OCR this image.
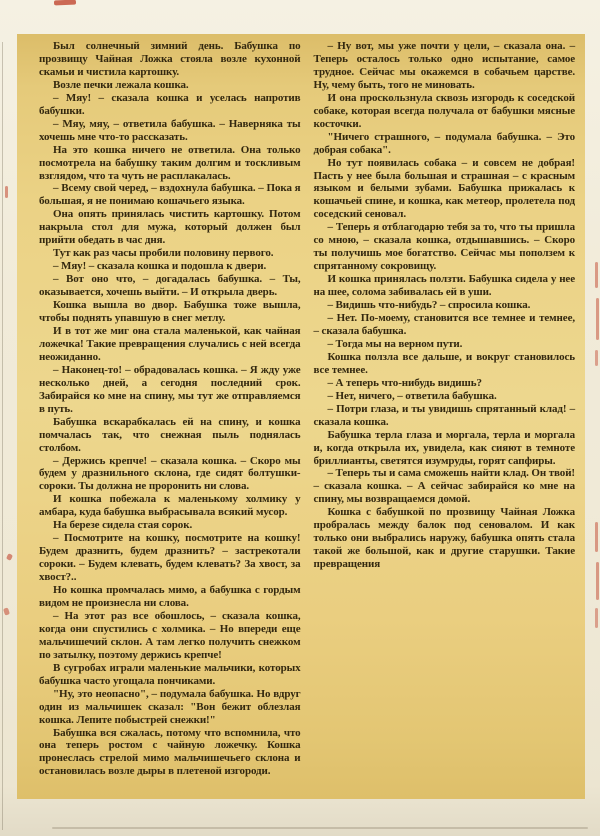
Был солнечный зимний день. Бабушка по прозвищу Чайная Ложка стояла возле кухонной скамьи и чистила картошку.

Возле печки лежала кошка.

– Мяу! – сказала кошка и уселась напротив бабушки.

– Мяу, мяу, – ответила бабушка. – Наверняка ты хочешь мне что-то рассказать.

На это кошка ничего не ответила. Она только посмотрела на бабушку таким долгим и тоскливым взглядом, что та чуть не расплакалась.

– Всему свой черед, – вздохнула бабушка. – Пока я большая, я не понимаю кошачьего языка.

Она опять принялась чистить картошку. Потом накрыла стол для мужа, который должен был прийти обедать в час дня.

Тут как раз часы пробили половину первого.

– Мяу! – сказала кошка и подошла к двери.

– Вот оно что, – догадалась бабушка. – Ты, оказывается, хочешь выйти. – И открыла дверь.

Кошка вышла во двор. Бабушка тоже вышла, чтобы поднять упавшую в снег метлу.

И в тот же миг она стала маленькой, как чайная ложечка! Такие превращения случались с ней всегда неожиданно.

– Наконец-то! – обрадовалась кошка. – Я жду уже несколько дней, а сегодня последний срок. Забирайся ко мне на спину, мы тут же отправляемся в путь.

Бабушка вскарабкалась ей на спину, и кошка помчалась так, что снежная пыль поднялась столбом.

– Держись крепче! – сказала кошка. – Скоро мы будем у дразнильного склона, где сидят болтушки-сороки. Ты должна не проронить ни слова.

И кошка побежала к маленькому холмику у амбара, куда бабушка выбрасывала всякий мусор.

На березе сидела стая сорок.

– Посмотрите на кошку, посмотрите на кошку! Будем дразнить, будем дразнить? – застрекотали сороки. – Будем клевать, будем клевать? За хвост, за хвост?..

Но кошка промчалась мимо, а бабушка с гордым видом не произнесла ни слова.

– На этот раз все обошлось, – сказала кошка, когда они спустились с холмика. – Но впереди еще мальчишечий склон. А там легко получить снежком по затылку, поэтому держись крепче!

В сугробах играли маленькие мальчики, которых бабушка часто угощала пончиками.

"Ну, это неопасно", – подумала бабушка. Но вдруг один из мальчишек сказал: "Вон бежит облезлая кошка. Лепите побыстрей снежки!"

Бабушка вся сжалась, потому что вспомнила, что она теперь ростом с чайную ложечку. Кошка пронеслась стрелой мимо мальчишечьего склона и остановилась возле дыры в плетеной изгороди.

– Ну вот, мы уже почти у цели, – сказала она. – Теперь осталось только одно испытание, самое трудное. Сейчас мы окажемся в собачьем царстве. Ну, чему быть, того не миновать.

И она проскользнула сквозь изгородь к соседской собаке, которая всегда получала от бабушки мясные косточки.

"Ничего страшного, – подумала бабушка. – Это добрая собака".

Но тут появилась собака – и совсем не добрая! Пасть у нее была большая и страшная – с красным языком и белыми зубами. Бабушка прижалась к кошачьей спине, и кошка, как метеор, пролетела под соседский сеновал.

– Теперь я отблагодарю тебя за то, что ты пришла со мною, – сказала кошка, отдышавшись. – Скоро ты получишь мое богатство. Сейчас мы поползем к спрятанному сокровищу.

И кошка принялась ползти. Бабушка сидела у нее на шее, солома забивалась ей в уши.

– Видишь что-нибудь? – спросила кошка.

– Нет. По-моему, становится все темнее и темнее, – сказала бабушка.

– Тогда мы на верном пути.

Кошка ползла все дальше, и вокруг становилось все темнее.

– А теперь что-нибудь видишь?

– Нет, ничего, – ответила бабушка.

– Потри глаза, и ты увидишь спрятанный клад! – сказала кошка.

Бабушка терла глаза и моргала, терла и моргала и, когда открыла их, увидела, как сияют в темноте бриллианты, светятся изумруды, горят сапфиры.

– Теперь ты и сама сможешь найти клад. Он твой! – сказала кошка. – А сейчас забирайся ко мне на спину, мы возвращаемся домой.

Кошка с бабушкой по прозвищу Чайная Ложка пробралась между балок под сеновалом. И как только они выбрались наружу, бабушка опять стала такой же большой, как и другие старушки. Такие превращения
